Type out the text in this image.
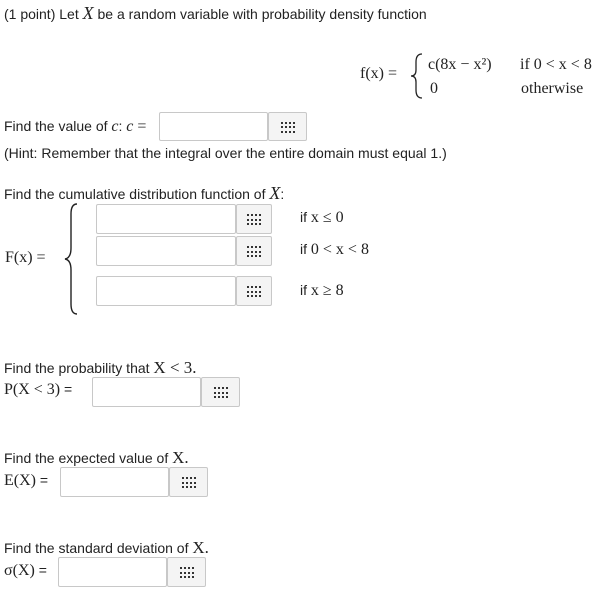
(1 point) Let X be a random variable with probability density function
f(x) =
c(8x − x²) if 0 < x < 8
0	otherwise
Find the value of c: c =
(Hint: Remember that the integral over the entire domain must equal 1.)
Find the cumulative distribution function of X:
F(x) =
if x ≤ 0
if 0 < x < 8
if x ≥ 8
Find the probability that X < 3.
P(X < 3) =
Find the expected value of X.
E(X) =
Find the standard deviation of X.
σ(X) =
